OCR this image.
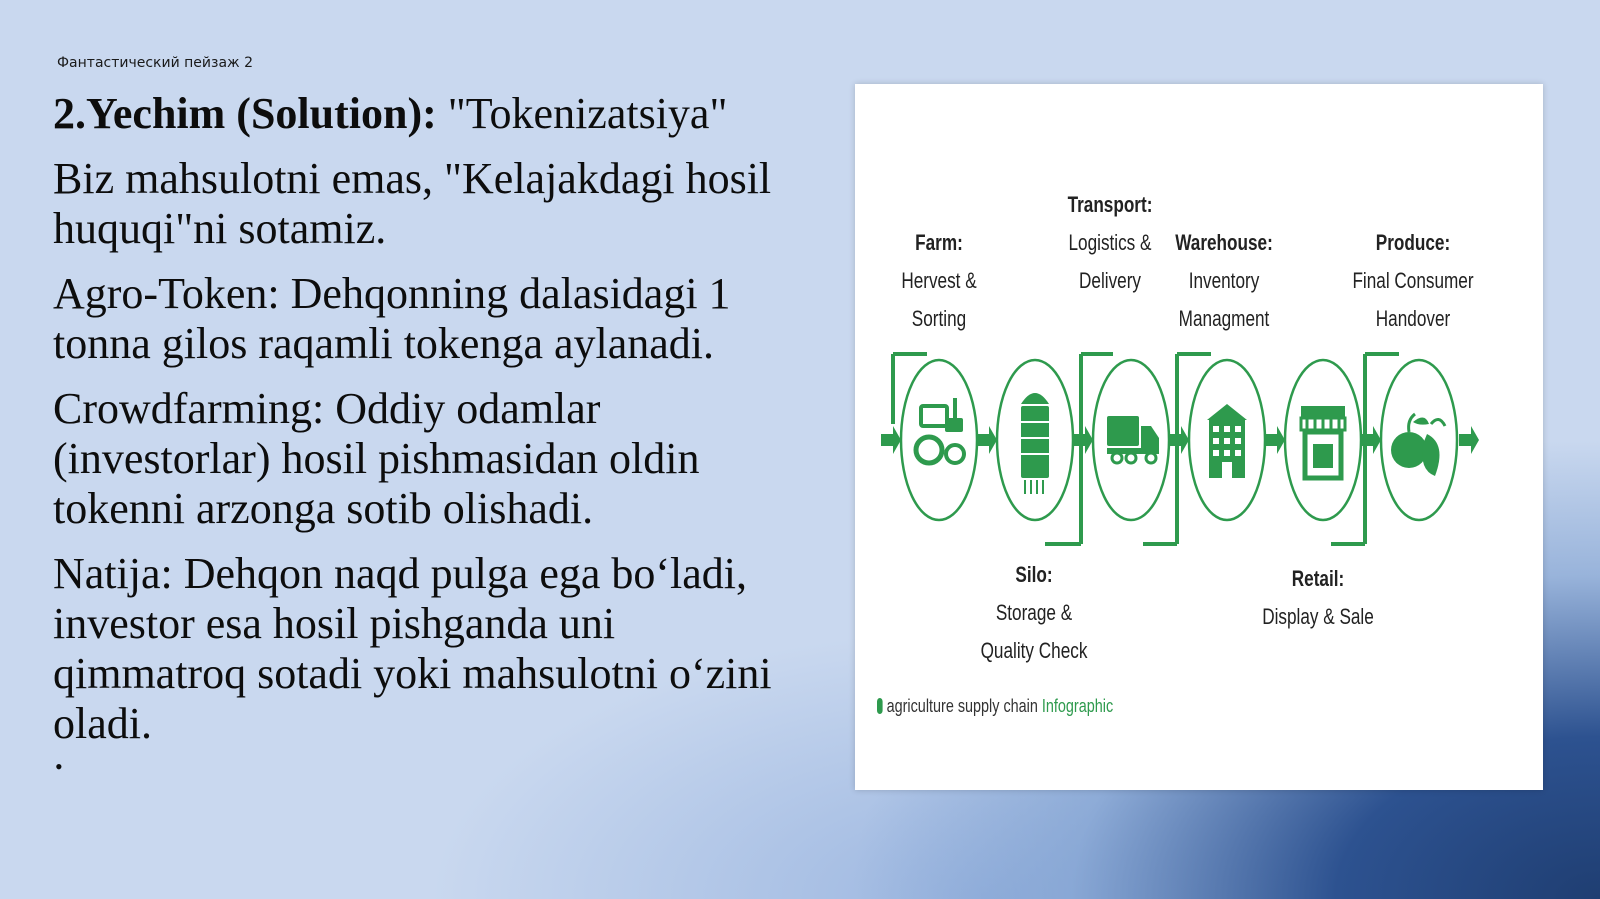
Фантастический пейзаж 2

2.Yechim (Solution): "Tokenizatsiya"

Biz mahsulotni emas, "Kelajakdagi hosil huquqi"ni sotamiz.

Agro-Token: Dehqonning dalasidagi 1 tonna gilos raqamli tokenga aylanadi.

Crowdfarming: Oddiy odamlar (investorlar) hosil pishmasidan oldin tokenni arzonga sotib olishadi.

Natija: Dehqon naqd pulga ega boʻladi, investor esa hosil pishganda uni qimmatroq sotadi yoki mahsulotni oʻzini oladi.

•
Farm:
Hervest &
Sorting
Silo:
Storage &
Quality Check
Transport:
Logistics &
Delivery
Warehouse:
Inventory
Managment
Retail:
Display & Sale
Produce:
Final Consumer
Handover
agriculture supply chain Infographic
